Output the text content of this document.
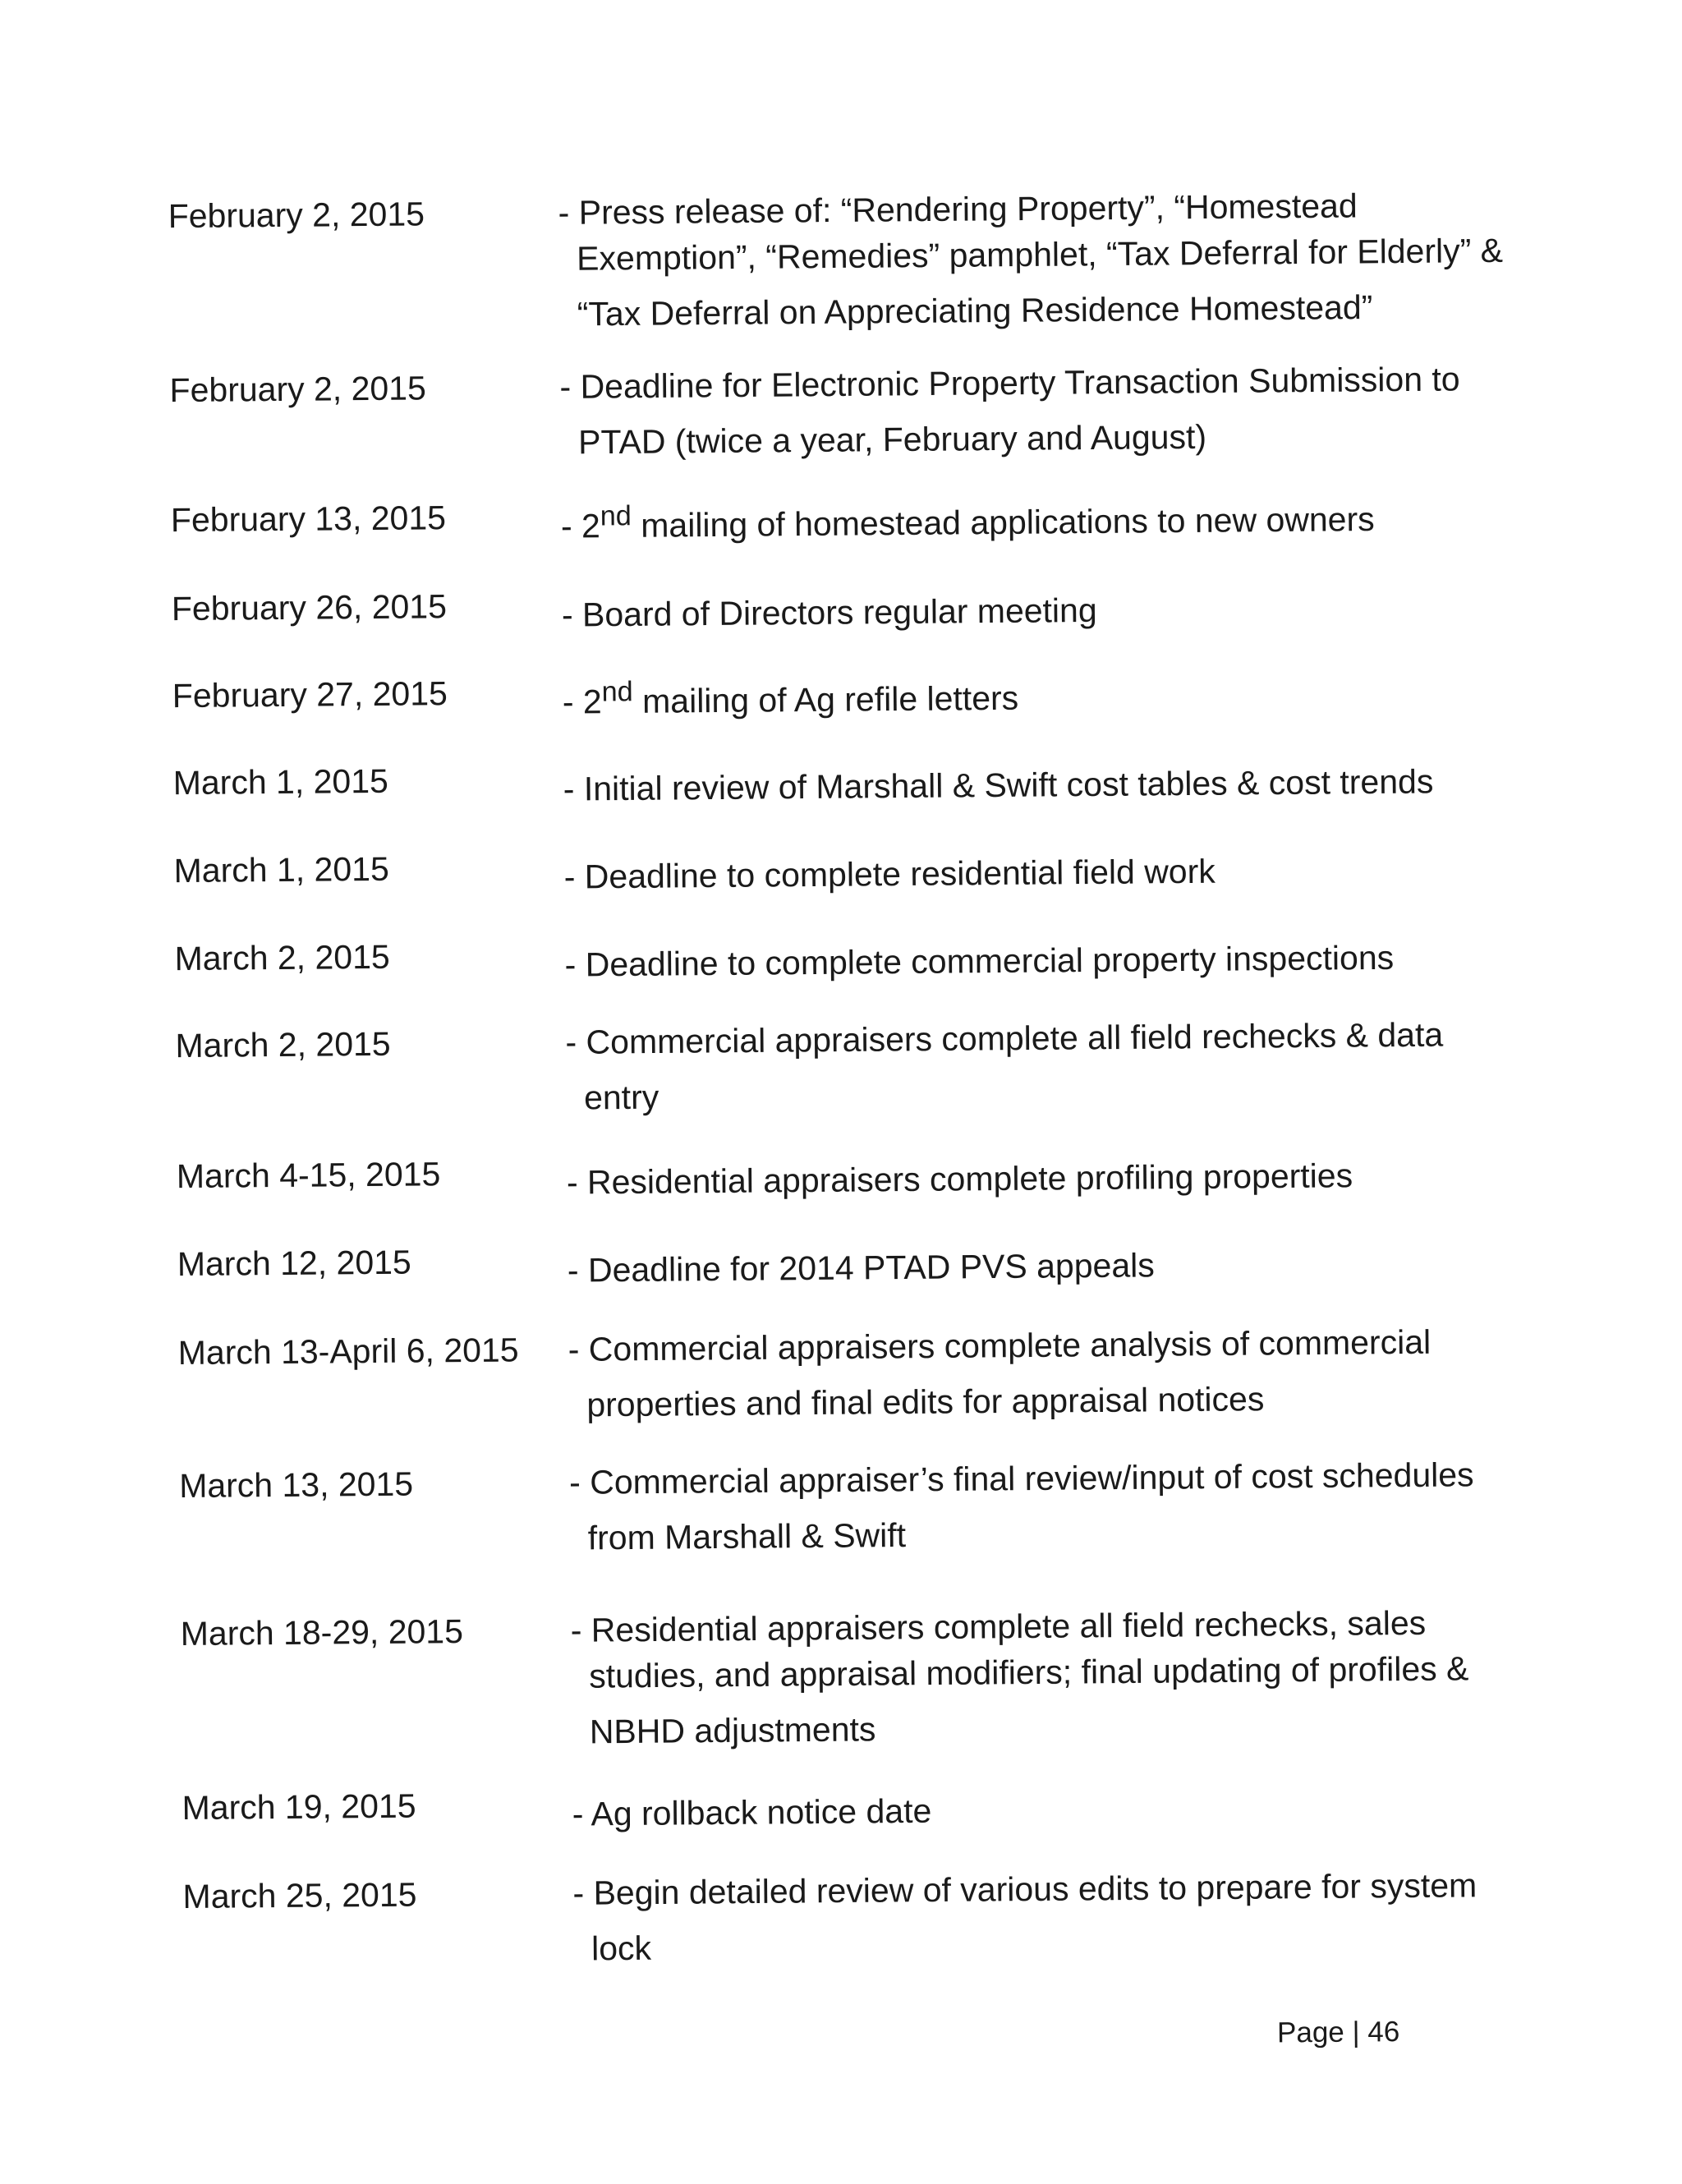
February 2, 2015	- Press release of: “Rendering Property”, “Homestead Exemption”, “Remedies” pamphlet, “Tax Deferral for Elderly” & “Tax Deferral on Appreciating Residence Homestead”
February 2, 2015	- Deadline for Electronic Property Transaction Submission to PTAD (twice a year, February and August)
February 13, 2015	- 2nd mailing of homestead applications to new owners
February 26, 2015	- Board of Directors regular meeting
February 27, 2015	- 2nd mailing of Ag refile letters
March 1, 2015	- Initial review of Marshall & Swift cost tables & cost trends
March 1, 2015	- Deadline to complete residential field work
March 2, 2015	- Deadline to complete commercial property inspections
March 2, 2015	- Commercial appraisers complete all field rechecks & data entry
March 4-15, 2015	- Residential appraisers complete profiling properties
March 12, 2015	- Deadline for 2014 PTAD PVS appeals
March 13-April 6, 2015	- Commercial appraisers complete analysis of commercial properties and final edits for appraisal notices
March 13, 2015	- Commercial appraiser’s final review/input of cost schedules from Marshall & Swift
March 18-29, 2015	- Residential appraisers complete all field rechecks, sales studies, and appraisal modifiers; final updating of profiles & NBHD adjustments
March 19, 2015	- Ag rollback notice date
March 25, 2015	- Begin detailed review of various edits to prepare for system lock
Page | 46
